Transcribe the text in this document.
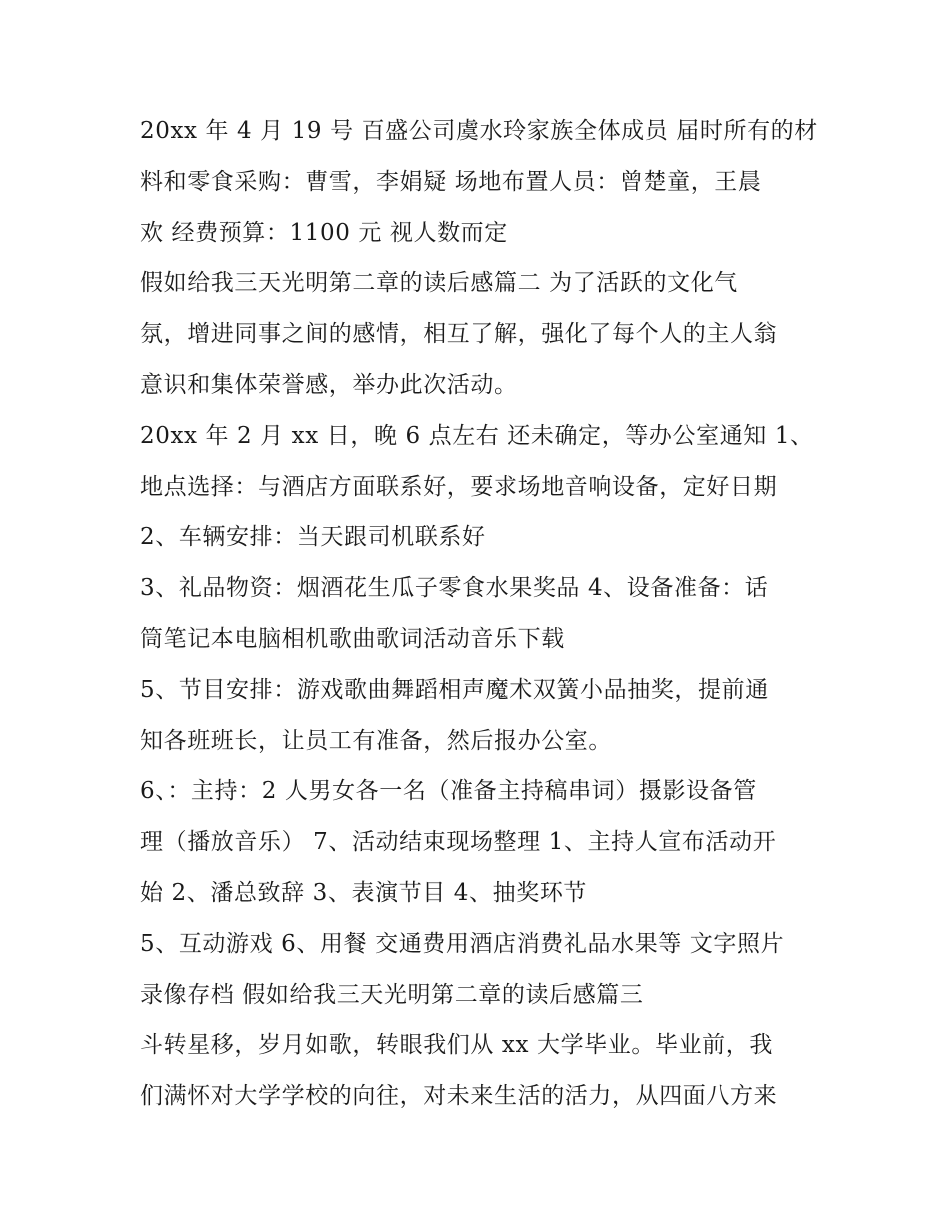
20xx 年 4 月 19 号 百盛公司虞水玲家族全体成员 届时所有的材
料和零食采购：曹雪，李娟疑 场地布置人员：曾楚童，王晨
欢 经费预算：1100 元 视人数而定
假如给我三天光明第二章的读后感篇二 为了活跃的文化气
氛，增进同事之间的感情，相互了解，强化了每个人的主人翁
意识和集体荣誉感，举办此次活动。
20xx 年 2 月 xx 日，晚 6 点左右 还未确定，等办公室通知 1、
地点选择：与酒店方面联系好，要求场地音响设备，定好日期
2、车辆安排：当天跟司机联系好
3、礼品物资：烟酒花生瓜子零食水果奖品 4、设备准备：话
筒笔记本电脑相机歌曲歌词活动音乐下载
5、节目安排：游戏歌曲舞蹈相声魔术双簧小品抽奖，提前通
知各班班长，让员工有准备，然后报办公室。
6、：主持：2 人男女各一名（准备主持稿串词）摄影设备管
理（播放音乐） 7、活动结束现场整理 1、主持人宣布活动开
始 2、潘总致辞 3、表演节目 4、抽奖环节
5、互动游戏 6、用餐 交通费用酒店消费礼品水果等 文字照片
录像存档 假如给我三天光明第二章的读后感篇三
斗转星移，岁月如歌，转眼我们从 xx 大学毕业。毕业前，我
们满怀对大学学校的向往，对未来生活的活力，从四面八方来
